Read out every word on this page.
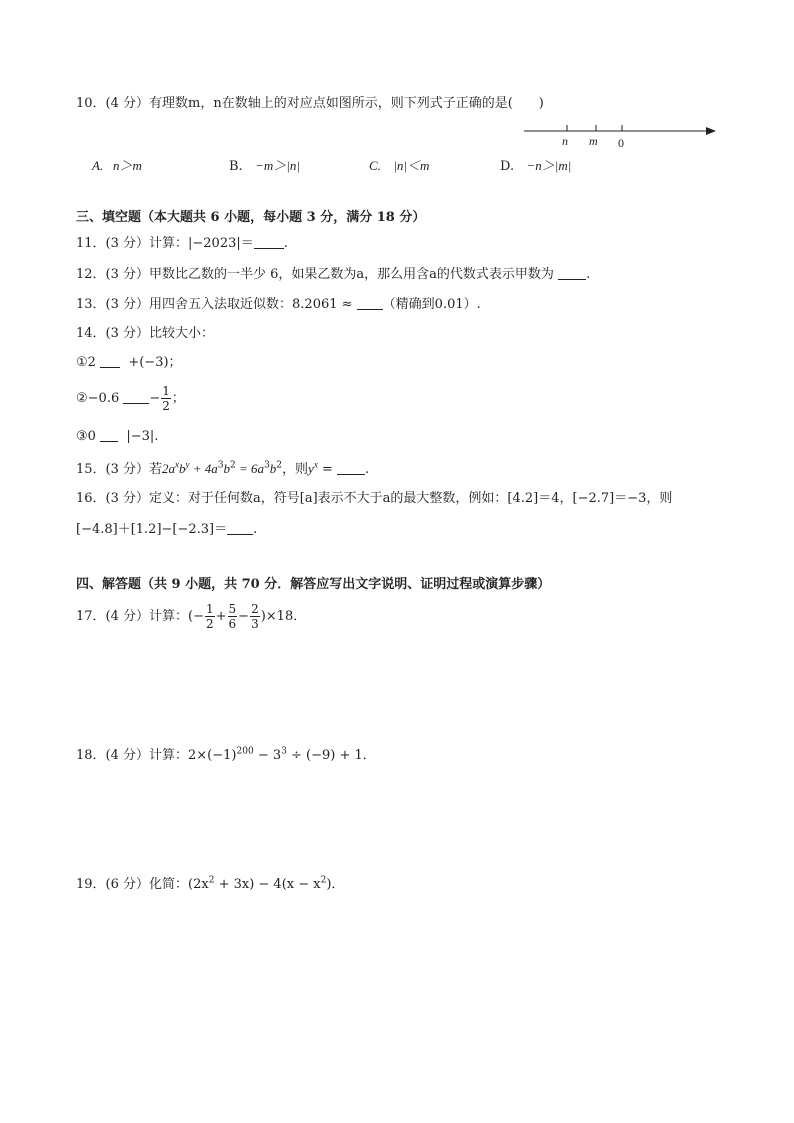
10．(4 分）有理数m，n在数轴上的对应点如图所示，则下列式子正确的是(　　)
n m 0
A. n＞m	B. −m＞|n|	C. |n|＜m	D. −n＞|m|
三、填空题（本大题共 6 小题，每小题 3 分，满分 18 分）
11．(3 分）计算：|−2023|＝ .
12．(3 分）甲数比乙数的一半少 6，如果乙数为a，那么用含a的代数式表示甲数为 .
13．(3 分）用四舍五入法取近似数：8.2061 ≈ （精确到0.01）.
14．(3 分）比较大小：
①2 +(−3)；
②−0.6 − $\frac{1}{2}$ ；
③0 |−3|.
15．(3 分）若$2a^xb^y + 4a^3b^2 = 6a^3b^2$，则$y^x$ = .
16．(3 分）定义：对于任何数a，符号[a]表示不大于a的最大整数，例如：[4.2]＝4，[−2.7]＝−3，则
[−4.8]＋[1.2]−[−2.3]＝ .
四、解答题（共 9 小题，共 70 分．解答应写出文字说明、证明过程或演算步骤）
17．(4 分）计算：(− $\frac{1}{2} + \frac{5}{6} - \frac{2}{3} )\times 18$．
18．(4 分）计算：$2\times(-1)^{200} - 3^3 \div (-9) + 1$．
19．(6 分）化简：$(2x^2 + 3x) - 4(x - x^2)$．
